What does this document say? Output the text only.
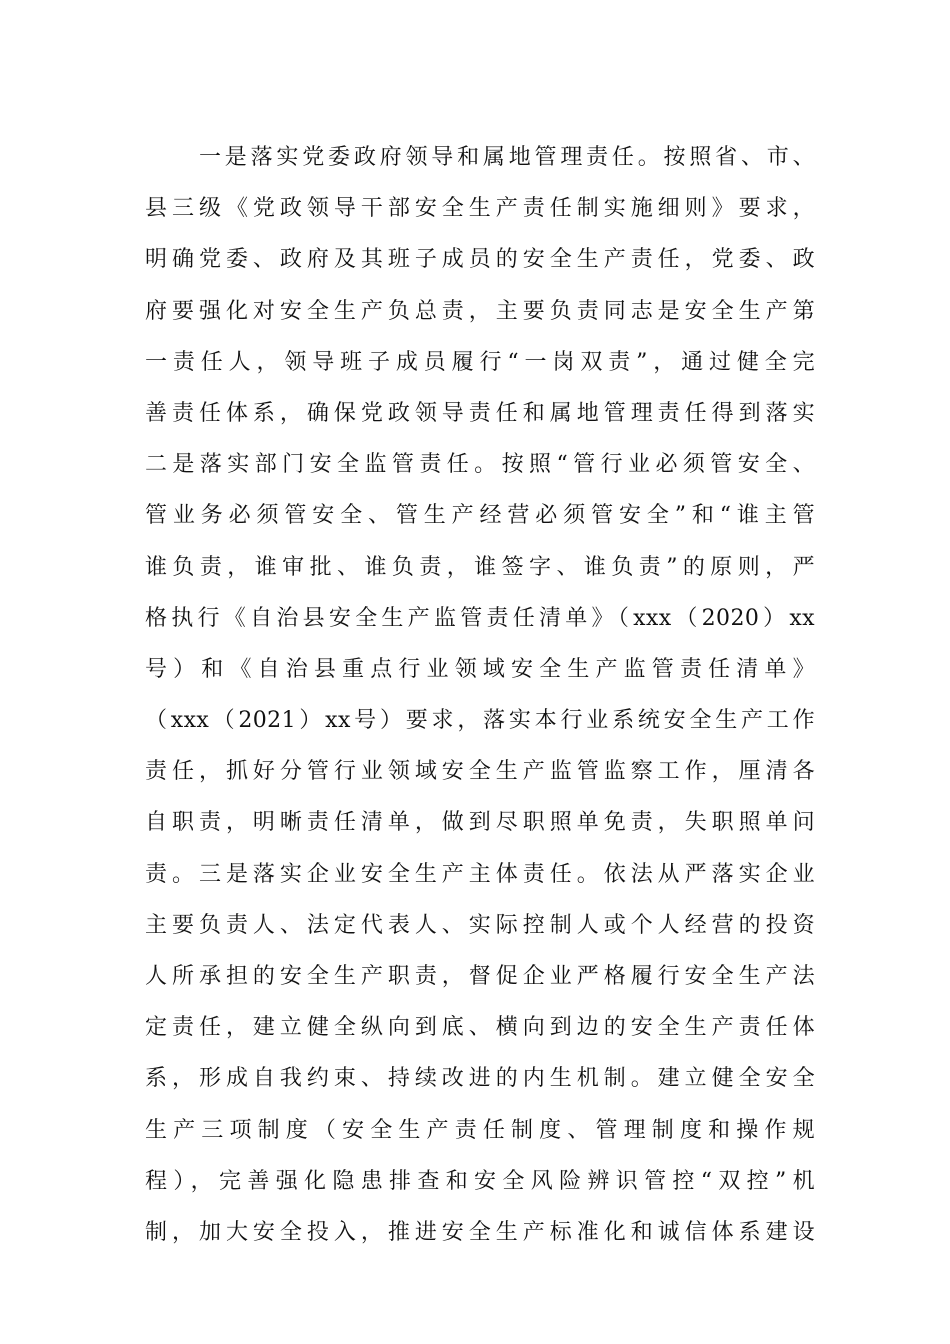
一是落实党委政府领导和属地管理责任。按照省、市、
县三级《党政领导干部安全生产责任制实施细则》要求，
明确党委、政府及其班子成员的安全生产责任，党委、政
府要强化对安全生产负总责，主要负责同志是安全生产第
一责任人，领导班子成员履行“一岗双责”，通过健全完
善责任体系，确保党政领导责任和属地管理责任得到落实
二是落实部门安全监管责任。按照“管行业必须管安全、
管业务必须管安全、管生产经营必须管安全”和“谁主管
谁负责，谁审批、谁负责，谁签字、谁负责”的原则，严
格执行《自治县安全生产监管责任清单》（xxx（2020）xx
号）和《自治县重点行业领域安全生产监管责任清单》
（xxx（2021）xx号）要求，落实本行业系统安全生产工作
责任，抓好分管行业领域安全生产监管监察工作，厘清各
自职责，明晰责任清单，做到尽职照单免责，失职照单问
责。三是落实企业安全生产主体责任。依法从严落实企业
主要负责人、法定代表人、实际控制人或个人经营的投资
人所承担的安全生产职责，督促企业严格履行安全生产法
定责任，建立健全纵向到底、横向到边的安全生产责任体
系，形成自我约束、持续改进的内生机制。建立健全安全
生产三项制度（安全生产责任制度、管理制度和操作规
程），完善强化隐患排查和安全风险辨识管控“双控”机
制，加大安全投入，推进安全生产标准化和诚信体系建设
